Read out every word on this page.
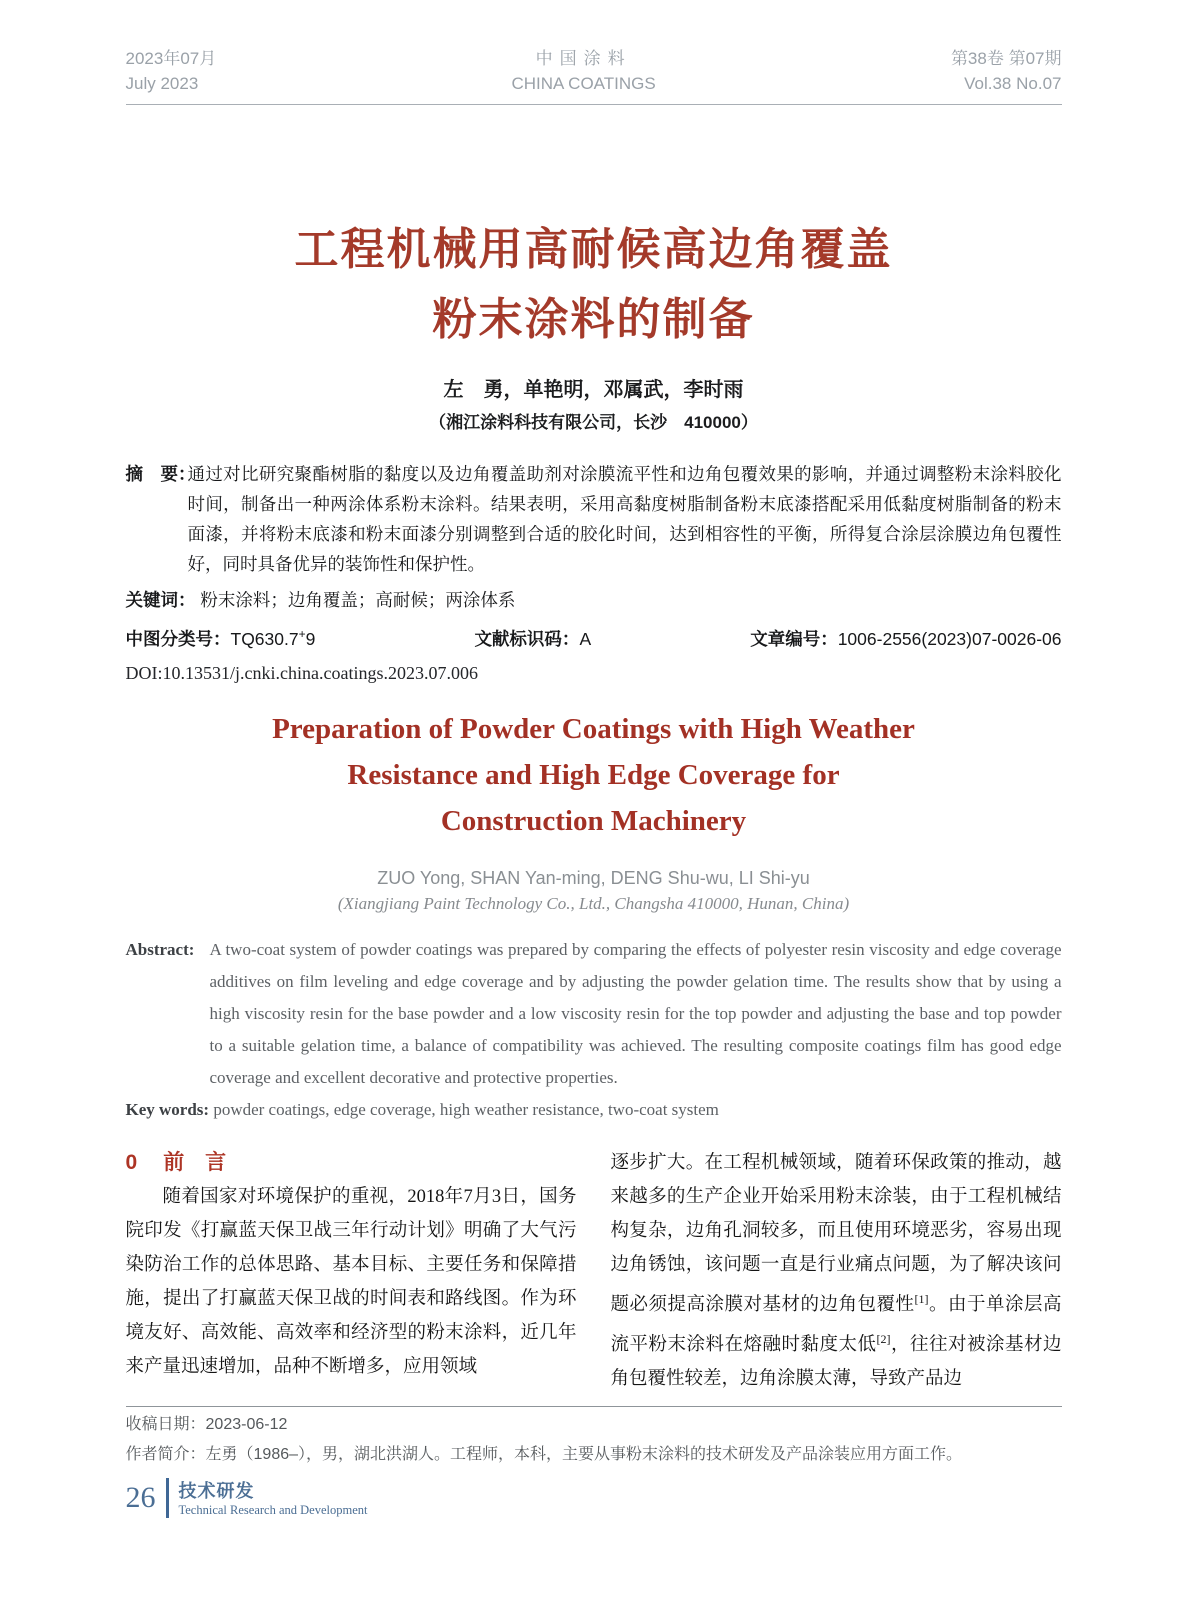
2023年07月
July 2023
中国涂料
CHINA COATINGS
第38卷 第07期
Vol.38 No.07
工程机械用高耐候高边角覆盖
粉末涂料的制备
左　勇，单艳明，邓属武，李时雨
（湘江涂料科技有限公司，长沙　410000）
摘　要：
通过对比研究聚酯树脂的黏度以及边角覆盖助剂对涂膜流平性和边角包覆效果的影响，并通过调整粉末涂料胶化时间，制备出一种两涂体系粉末涂料。结果表明，采用高黏度树脂制备粉末底漆搭配采用低黏度树脂制备的粉末面漆，并将粉末底漆和粉末面漆分别调整到合适的胶化时间，达到相容性的平衡，所得复合涂层涂膜边角包覆性好，同时具备优异的装饰性和保护性。
关键词： 粉末涂料；边角覆盖；高耐候；两涂体系
中图分类号：TQ630.7+9	文献标识码：A	文章编号：1006-2556(2023)07-0026-06
DOI:10.13531/j.cnki.china.coatings.2023.07.006
Preparation of Powder Coatings with High Weather
Resistance and High Edge Coverage for
Construction Machinery
ZUO Yong, SHAN Yan-ming, DENG Shu-wu, LI Shi-yu
(Xiangjiang Paint Technology Co., Ltd., Changsha 410000, Hunan, China)
Abstract: A two-coat system of powder coatings was prepared by comparing the effects of polyester resin viscosity and edge coverage additives on film leveling and edge coverage and by adjusting the powder gelation time. The results show that by using a high viscosity resin for the base powder and a low viscosity resin for the top powder and adjusting the base and top powder to a suitable gelation time, a balance of compatibility was achieved. The resulting composite coatings film has good edge coverage and excellent decorative and protective properties.
Key words: powder coatings, edge coverage, high weather resistance, two-coat system
0 前　言

随着国家对环境保护的重视，2018年7月3日，国务院印发《打赢蓝天保卫战三年行动计划》明确了大气污染防治工作的总体思路、基本目标、主要任务和保障措施，提出了打赢蓝天保卫战的时间表和路线图。作为环境友好、高效能、高效率和经济型的粉末涂料，近几年来产量迅速增加，品种不断增多，应用领域

逐步扩大。在工程机械领域，随着环保政策的推动，越来越多的生产企业开始采用粉末涂装，由于工程机械结构复杂，边角孔洞较多，而且使用环境恶劣，容易出现边角锈蚀，该问题一直是行业痛点问题，为了解决该问题必须提高涂膜对基材的边角包覆性[1]。由于单涂层高流平粉末涂料在熔融时黏度太低[2]，往往对被涂基材边角包覆性较差，边角涂膜太薄，导致产品边

收稿日期：2023-06-12
作者简介：左勇（1986–），男，湖北洪湖人。工程师，本科，主要从事粉末涂料的技术研发及产品涂装应用方面工作。
26 技术研发
Technical Research and Development
